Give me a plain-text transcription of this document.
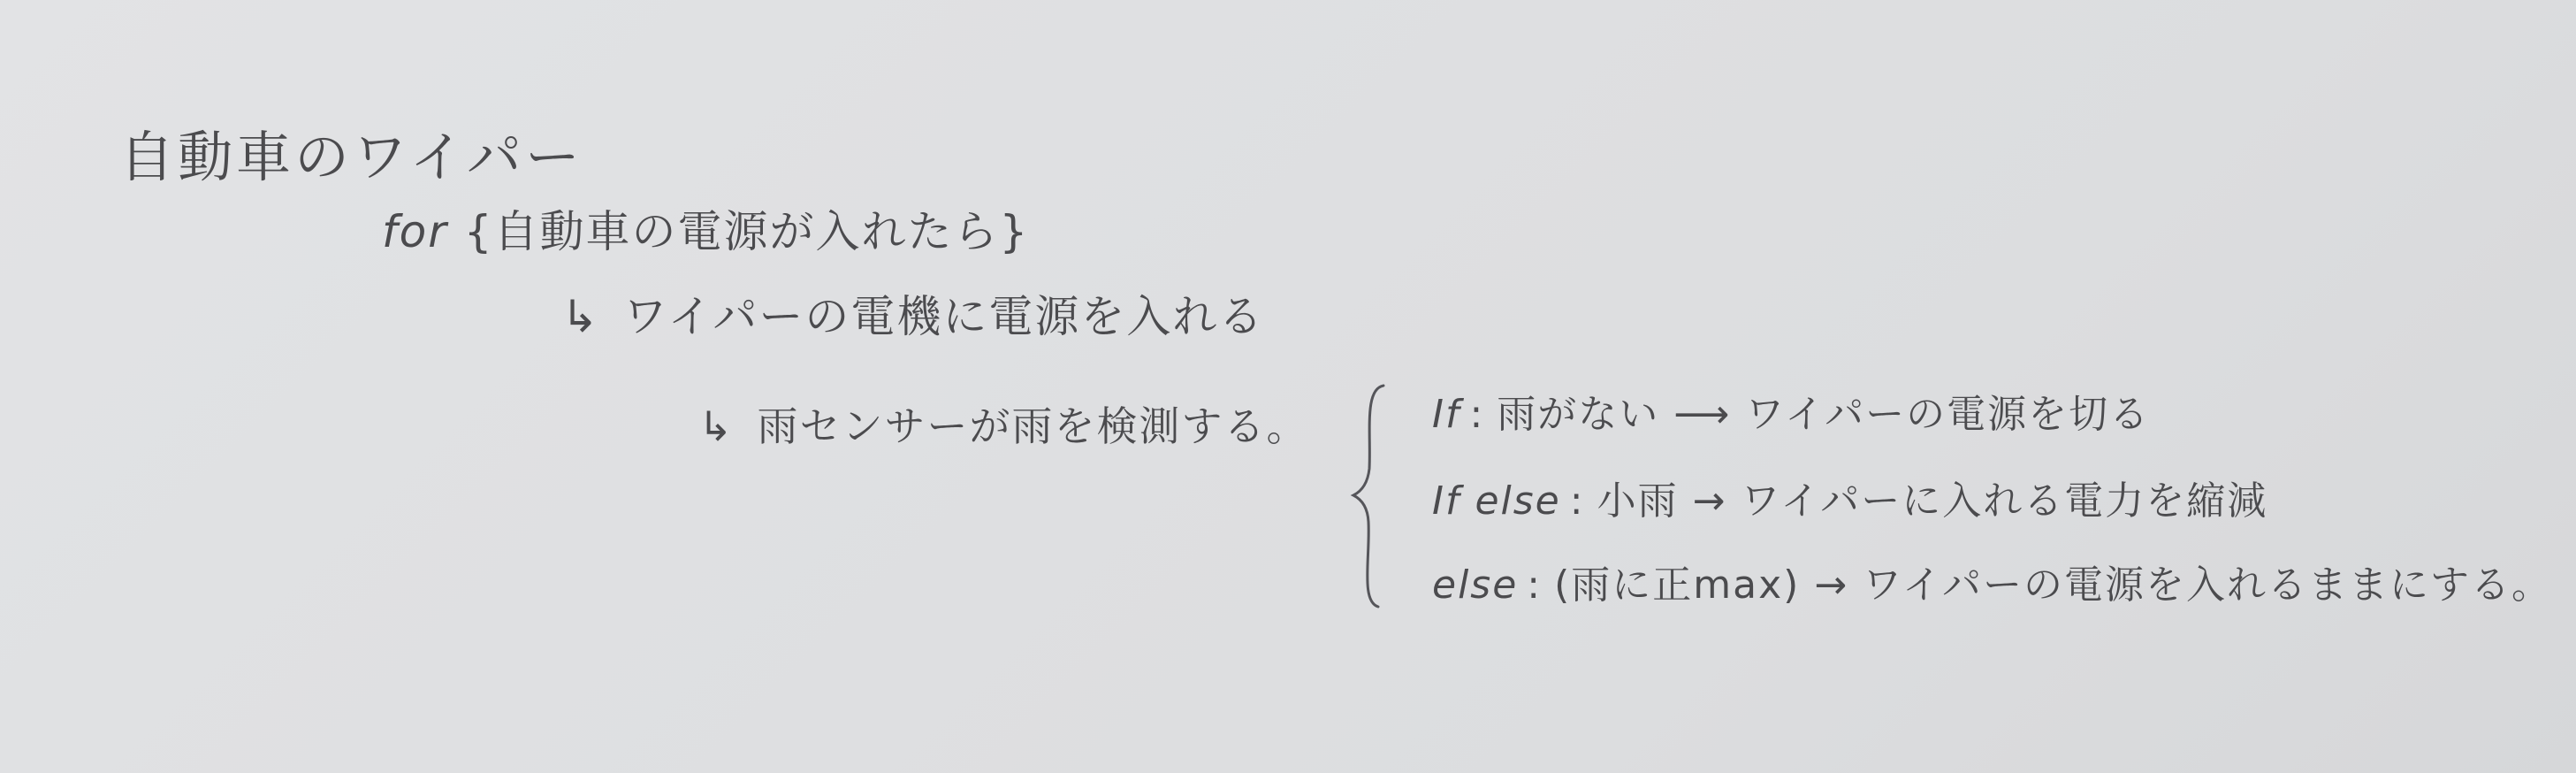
自動車のワイパー
for {自動車の電源が入れたら}
↳ ワイパーの電機に電源を入れる
↳ 雨センサーが雨を検測する。	If : 雨がない ⟶ ワイパーの電源を切る
If else : 小雨 → ワイパーに入れる電力を縮減
else : (雨に正max) → ワイパーの電源を入れるままにする。
